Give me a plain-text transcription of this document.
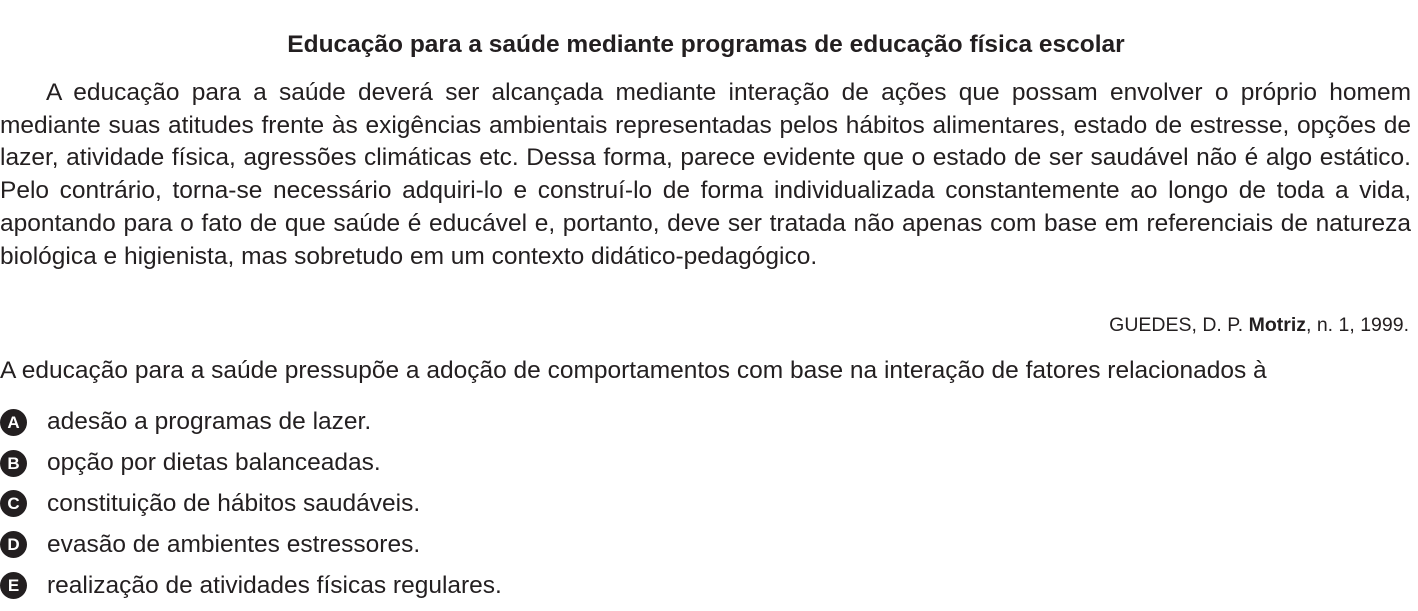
Educação para a saúde mediante programas de educação física escolar

A educação para a saúde deverá ser alcançada mediante interação de ações que possam envolver o próprio homem mediante suas atitudes frente às exigências ambientais representadas pelos hábitos alimentares, estado de estresse, opções de lazer, atividade física, agressões climáticas etc. Dessa forma, parece evidente que o estado de ser saudável não é algo estático. Pelo contrário, torna-se necessário adquiri-lo e construí-lo de forma individualizada constantemente ao longo de toda a vida, apontando para o fato de que saúde é educável e, portanto, deve ser tratada não apenas com base em referenciais de natureza biológica e higienista, mas sobretudo em um contexto didático-pedagógico.

GUEDES, D. P. Motriz, n. 1, 1999.
A educação para a saúde pressupõe a adoção de comportamentos com base na interação de fatores relacionados à
A	adesão a programas de lazer.
B	opção por dietas balanceadas.
C	constituição de hábitos saudáveis.
D	evasão de ambientes estressores.
E	realização de atividades físicas regulares.
